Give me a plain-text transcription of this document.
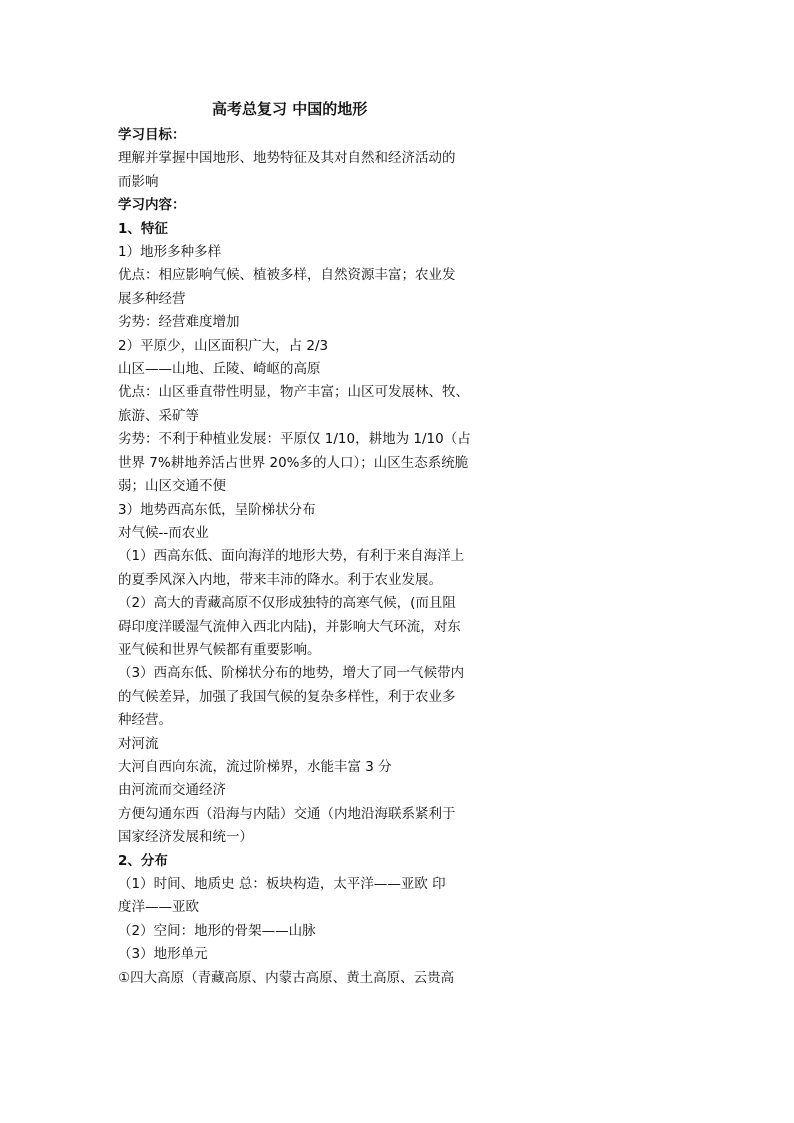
高考总复习 中国的地形
学习目标：
理解并掌握中国地形、地势特征及其对自然和经济活动的
而影响
学习内容：
1、特征
1）地形多种多样
优点：相应影响气候、植被多样，自然资源丰富；农业发
展多种经营
劣势：经营难度增加
2）平原少，山区面积广大，占 2/3
山区——山地、丘陵、崎岖的高原
优点：山区垂直带性明显，物产丰富；山区可发展林、牧、
旅游、采矿等
劣势：不利于种植业发展：平原仅 1/10，耕地为 1/10（占
世界 7%耕地养活占世界 20%多的人口）；山区生态系统脆
弱；山区交通不便
3）地势西高东低，呈阶梯状分布
对气候--而农业
（1）西高东低、面向海洋的地形大势，有利于来自海洋上
的夏季风深入内地，带来丰沛的降水。利于农业发展。
（2）高大的青藏高原不仅形成独特的高寒气候，(而且阻
碍印度洋暖湿气流伸入西北内陆)，并影响大气环流，对东
亚气候和世界气候都有重要影响。
（3）西高东低、阶梯状分布的地势，增大了同一气候带内
的气候差异，加强了我国气候的复杂多样性，利于农业多
种经营。
对河流
大河自西向东流，流过阶梯界，水能丰富 3 分
由河流而交通经济
方便勾通东西（沿海与内陆）交通（内地沿海联系紧利于
国家经济发展和统一）
2、分布
（1）时间、地质史 总：板块构造，太平洋——亚欧 印
度洋——亚欧
（2）空间：地形的骨架——山脉
（3）地形单元
①四大高原（青藏高原、内蒙古高原、黄土高原、云贵高
